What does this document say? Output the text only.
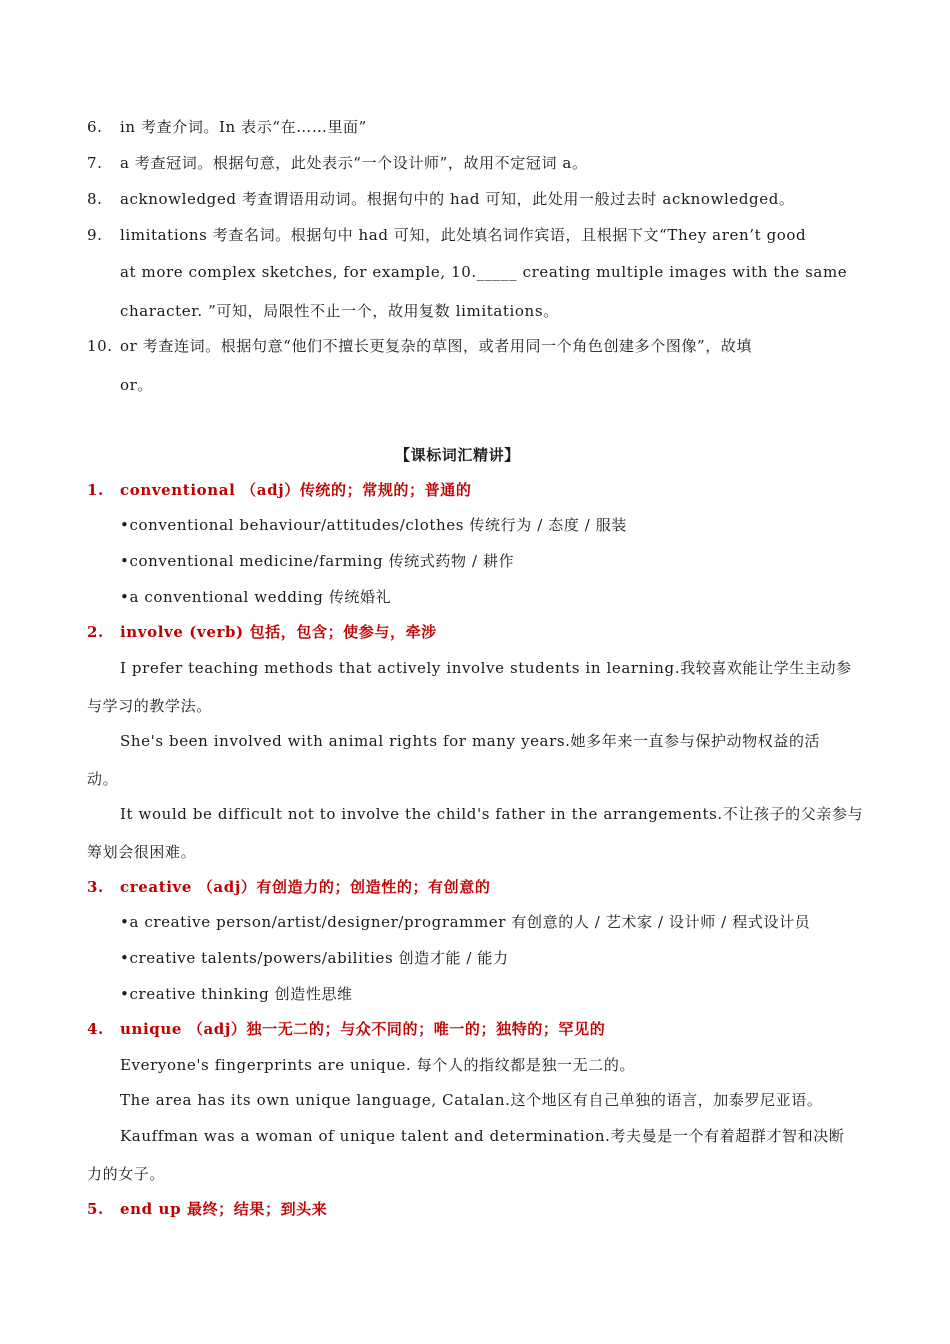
6. in 考查介词。In 表示“在……里面”
7. a 考查冠词。根据句意，此处表示“一个设计师”，故用不定冠词 a。
8. acknowledged 考查谓语用动词。根据句中的 had 可知，此处用一般过去时 acknowledged。
9. limitations 考查名词。根据句中 had 可知，此处填名词作宾语，且根据下文“They aren’t good
at more complex sketches, for example, 10._____ creating multiple images with the same
character. ”可知，局限性不止一个，故用复数 limitations。
10. or 考查连词。根据句意“他们不擅长更复杂的草图，或者用同一个角色创建多个图像”，故填
or。
【课标词汇精讲】
1. conventional （adj）传统的；常规的；普通的
•conventional behaviour/attitudes/clothes 传统行为 / 态度 / 服装
•conventional medicine/farming 传统式药物 / 耕作
•a conventional wedding 传统婚礼
2. involve (verb) 包括，包含；使参与，牵涉
I prefer teaching methods that actively involve students in learning.我较喜欢能让学生主动参
与学习的教学法。
She's been involved with animal rights for many years.她多年来一直参与保护动物权益的活
动。
It would be difficult not to involve the child's father in the arrangements.不让孩子的父亲参与
筹划会很困难。
3. creative （adj）有创造力的；创造性的；有创意的
•a creative person/artist/designer/programmer 有创意的人 / 艺术家 / 设计师 / 程式设计员
•creative talents/powers/abilities 创造才能 / 能力
•creative thinking 创造性思维
4. unique （adj）独一无二的；与众不同的；唯一的；独特的；罕见的
Everyone's fingerprints are unique. 每个人的指纹都是独一无二的。
The area has its own unique language, Catalan.这个地区有自己单独的语言，加泰罗尼亚语。
Kauffman was a woman of unique talent and determination.考夫曼是一个有着超群才智和决断
力的女子。
5. end up 最终；结果；到头来
